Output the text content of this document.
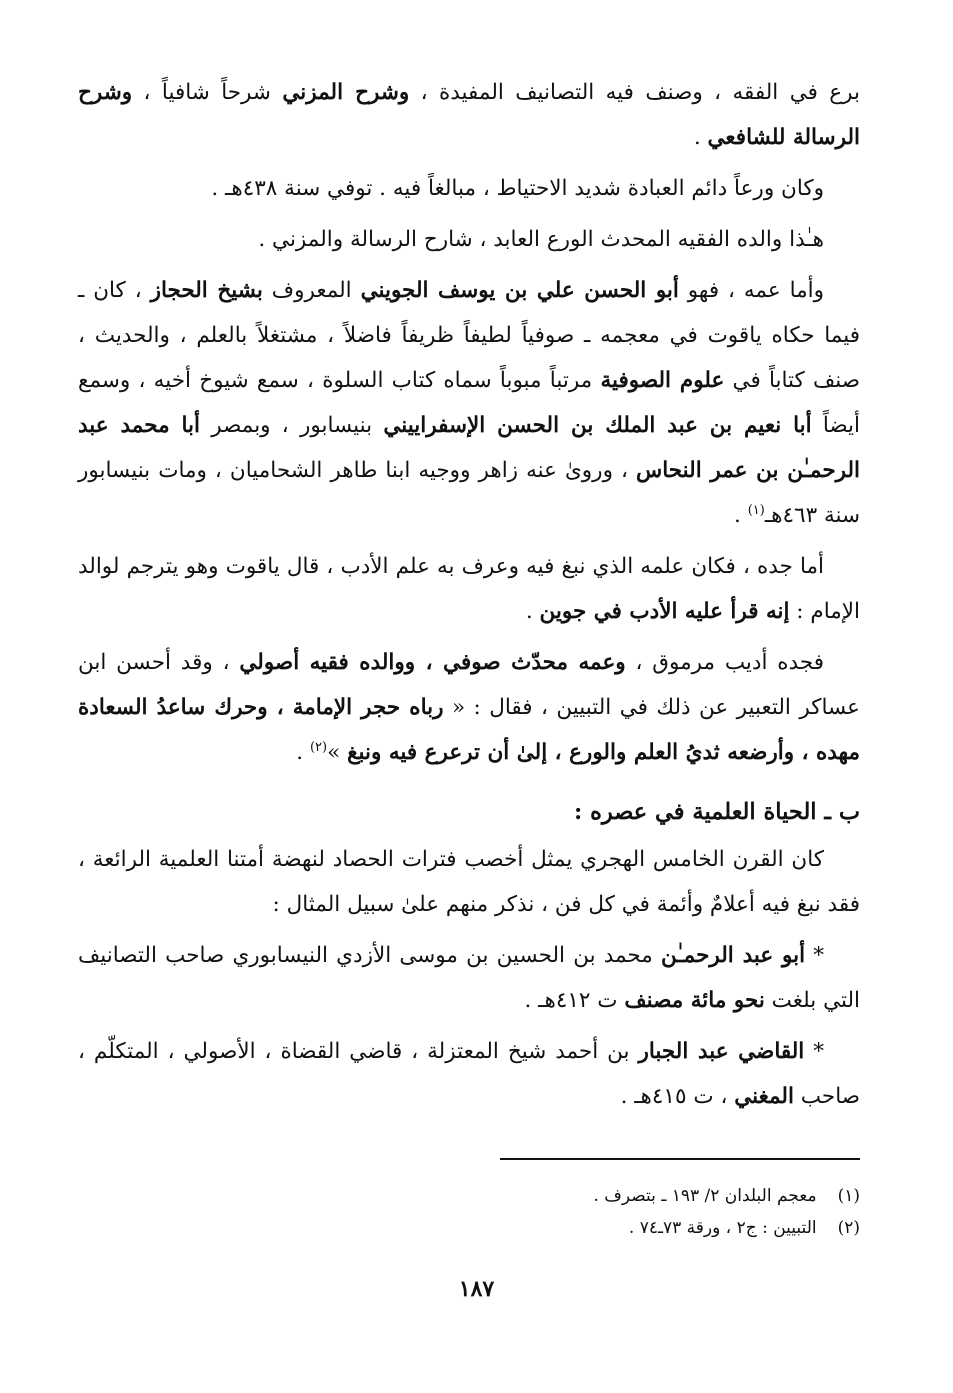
برع في الفقه ، وصنف فيه التصانيف المفيدة ، وشرح المزني شرحاً شافياً ، وشرح الرسالة للشافعي .

وكان ورعاً دائم العبادة شديد الاحتياط ، مبالغاً فيه . توفي سنة ٤٣٨هـ .

هـٰذا والده الفقيه المحدث الورع العابد ، شارح الرسالة والمزني .

وأما عمه ، فهو أبو الحسن علي بن يوسف الجويني المعروف بشيخ الحجاز ، كان ـ فيما حكاه ياقوت في معجمه ـ صوفياً لطيفاً ظريفاً فاضلاً ، مشتغلاً بالعلم ، والحديث ، صنف كتاباً في علوم الصوفية مرتباً مبوباً سماه كتاب السلوة ، سمع شيوخ أخيه ، وسمع أيضاً أبا نعيم بن عبد الملك بن الحسن الإسفراييني بنيسابور ، وبمصر أبا محمد عبد الرحمـٰن بن عمر النحاس ، وروىٰ عنه زاهر ووجيه ابنا طاهر الشحاميان ، ومات بنيسابور سنة ٤٦٣هـ$^{(١)}$ .

أما جده ، فكان علمه الذي نبغ فيه وعرف به علم الأدب ، قال ياقوت وهو يترجم لوالد الإمام : إنه قرأ عليه الأدب في جوين .

فجده أديب مرموق ، وعمه محدّث صوفي ، ووالده فقيه أصولي ، وقد أحسن ابن عساكر التعبير عن ذلك في التبيين ، فقال : « رباه حجر الإمامة ، وحرك ساعدُ السعادة مهده ، وأرضعه ثديُ العلم والورع ، إلىٰ أن ترعرع فيه ونبغ »$^{(٢)}$ .

ب ـ الحياة العلمية في عصره :

كان القرن الخامس الهجري يمثل أخصب فترات الحصاد لنهضة أمتنا العلمية الرائعة ، فقد نبغ فيه أعلامٌ وأئمة في كل فن ، نذكر منهم علىٰ سبيل المثال :

* أبو عبد الرحمـٰن محمد بن الحسين بن موسى الأزدي النيسابوري صاحب التصانيف التي بلغت نحو مائة مصنف ت ٤١٢هـ .

* القاضي عبد الجبار بن أحمد شيخ المعتزلة ، قاضي القضاة ، الأصولي ، المتكلّم ، صاحب المغني ، ت ٤١٥هـ .

(١) معجم البلدان ٢/ ١٩٣ ـ بتصرف .
(٢) التبيين : ج٢ ، ورقة ٧٣ـ٧٤ .
١٨٧
